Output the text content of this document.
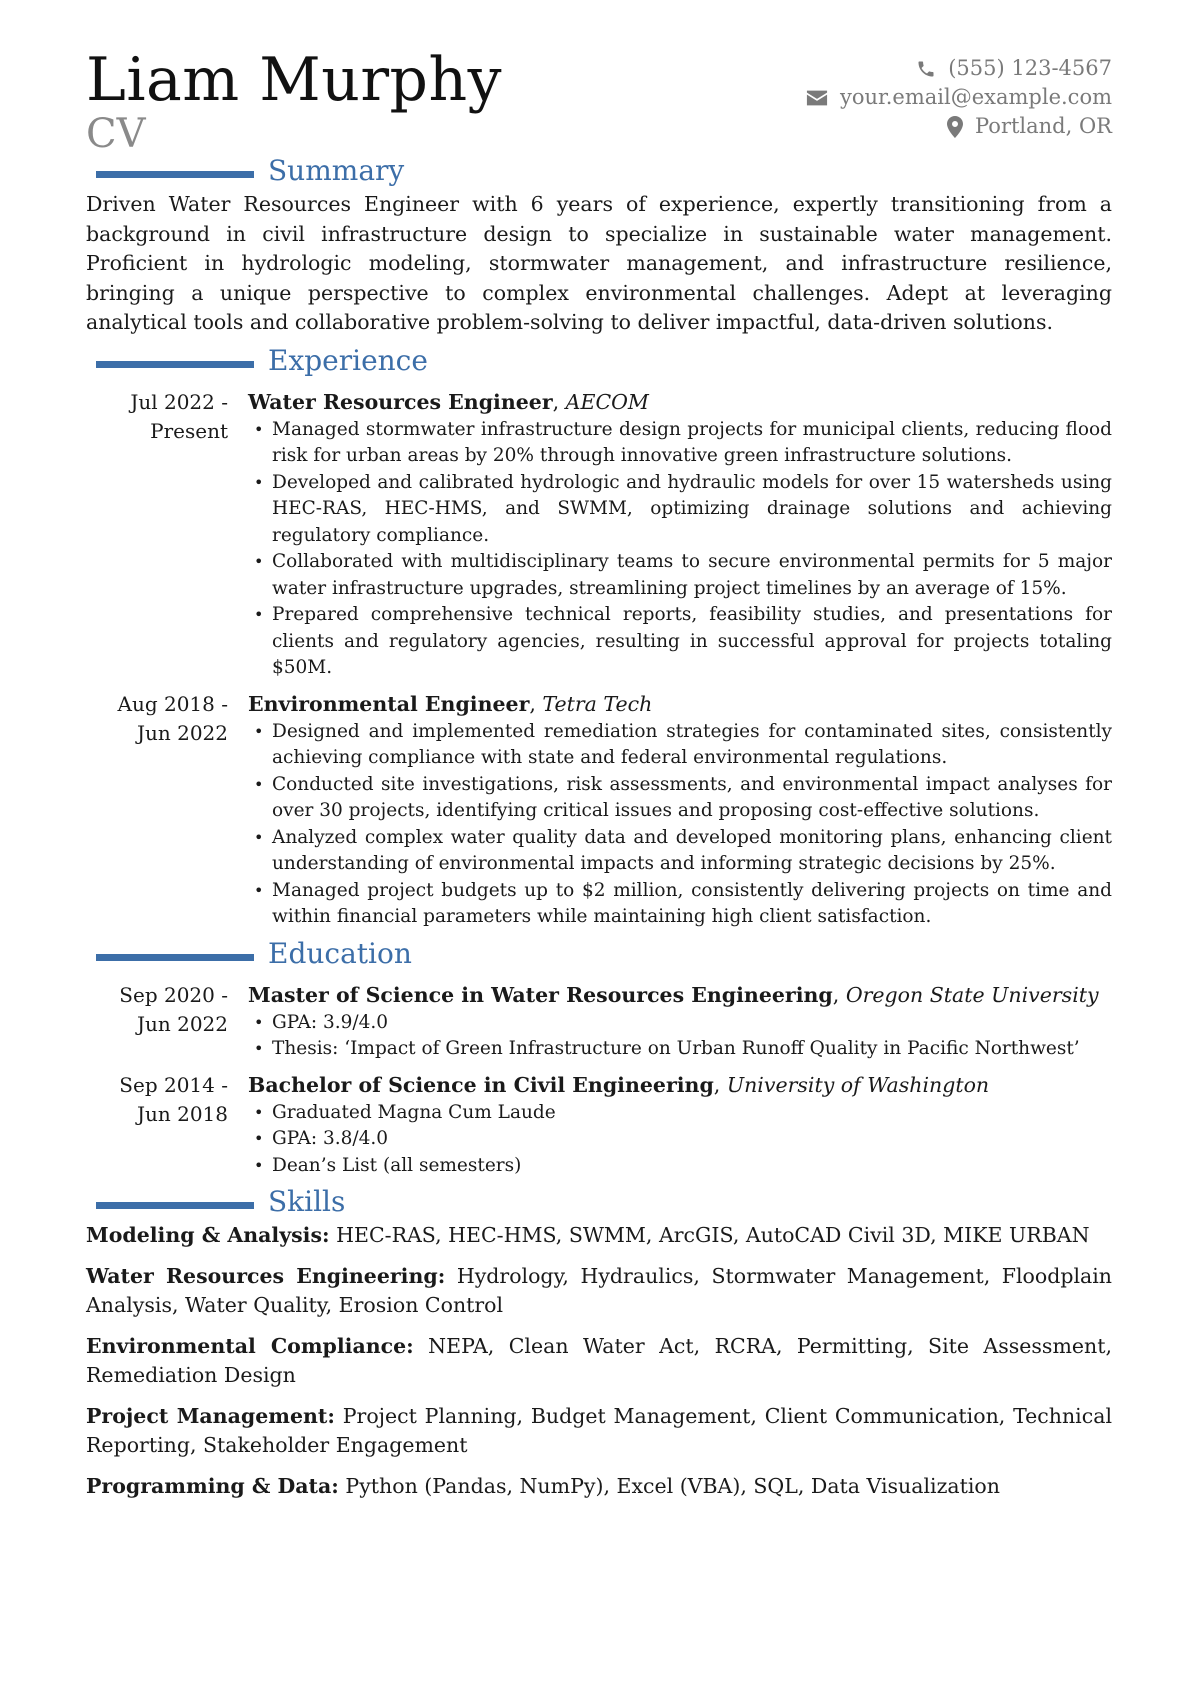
Liam Murphy
CV
(555) 123-4567
your.email@example.com
Portland, OR
Summary

Driven Water Resources Engineer with 6 years of experience, expertly transitioning from a background in civil infrastructure design to specialize in sustainable water management. Proficient in hydrologic modeling, stormwater management, and infrastructure resilience, bringing a unique perspective to complex environmental challenges. Adept at leveraging analytical tools and collaborative problem-solving to deliver impactful, data-driven solutions.

Experience
Jul 2022 - Present
Water Resources Engineer, AECOM
• Managed stormwater infrastructure design projects for municipal clients, reducing flood risk for urban areas by 20% through innovative green infrastructure solutions.
• Developed and calibrated hydrologic and hydraulic models for over 15 watersheds using HEC-RAS, HEC-HMS, and SWMM, optimizing drainage solutions and achieving regulatory compliance.
• Collaborated with multidisciplinary teams to secure environmental permits for 5 major water infrastructure upgrades, streamlining project timelines by an average of 15%.
• Prepared comprehensive technical reports, feasibility studies, and presentations for clients and regulatory agencies, resulting in successful approval for projects totaling $50M.
Aug 2018 - Jun 2022
Environmental Engineer, Tetra Tech
• Designed and implemented remediation strategies for contaminated sites, consistently achieving compliance with state and federal environmental regulations.
• Conducted site investigations, risk assessments, and environmental impact analyses for over 30 projects, identifying critical issues and proposing cost-effective solutions.
• Analyzed complex water quality data and developed monitoring plans, enhancing client understanding of environmental impacts and informing strategic decisions by 25%.
• Managed project budgets up to $2 million, consistently delivering projects on time and within financial parameters while maintaining high client satisfaction.
Education
Sep 2020 - Jun 2022
Master of Science in Water Resources Engineering, Oregon State University
• GPA: 3.9/4.0
• Thesis: ‘Impact of Green Infrastructure on Urban Runoff Quality in Pacific Northwest’
Sep 2014 - Jun 2018
Bachelor of Science in Civil Engineering, University of Washington
• Graduated Magna Cum Laude
• GPA: 3.8/4.0
• Dean’s List (all semesters)
Skills

Modeling & Analysis: HEC-RAS, HEC-HMS, SWMM, ArcGIS, AutoCAD Civil 3D, MIKE URBAN

Water Resources Engineering: Hydrology, Hydraulics, Stormwater Management, Floodplain Analysis, Water Quality, Erosion Control

Environmental Compliance: NEPA, Clean Water Act, RCRA, Permitting, Site Assessment, Remediation Design

Project Management: Project Planning, Budget Management, Client Communication, Technical Reporting, Stakeholder Engagement

Programming & Data: Python (Pandas, NumPy), Excel (VBA), SQL, Data Visualization
